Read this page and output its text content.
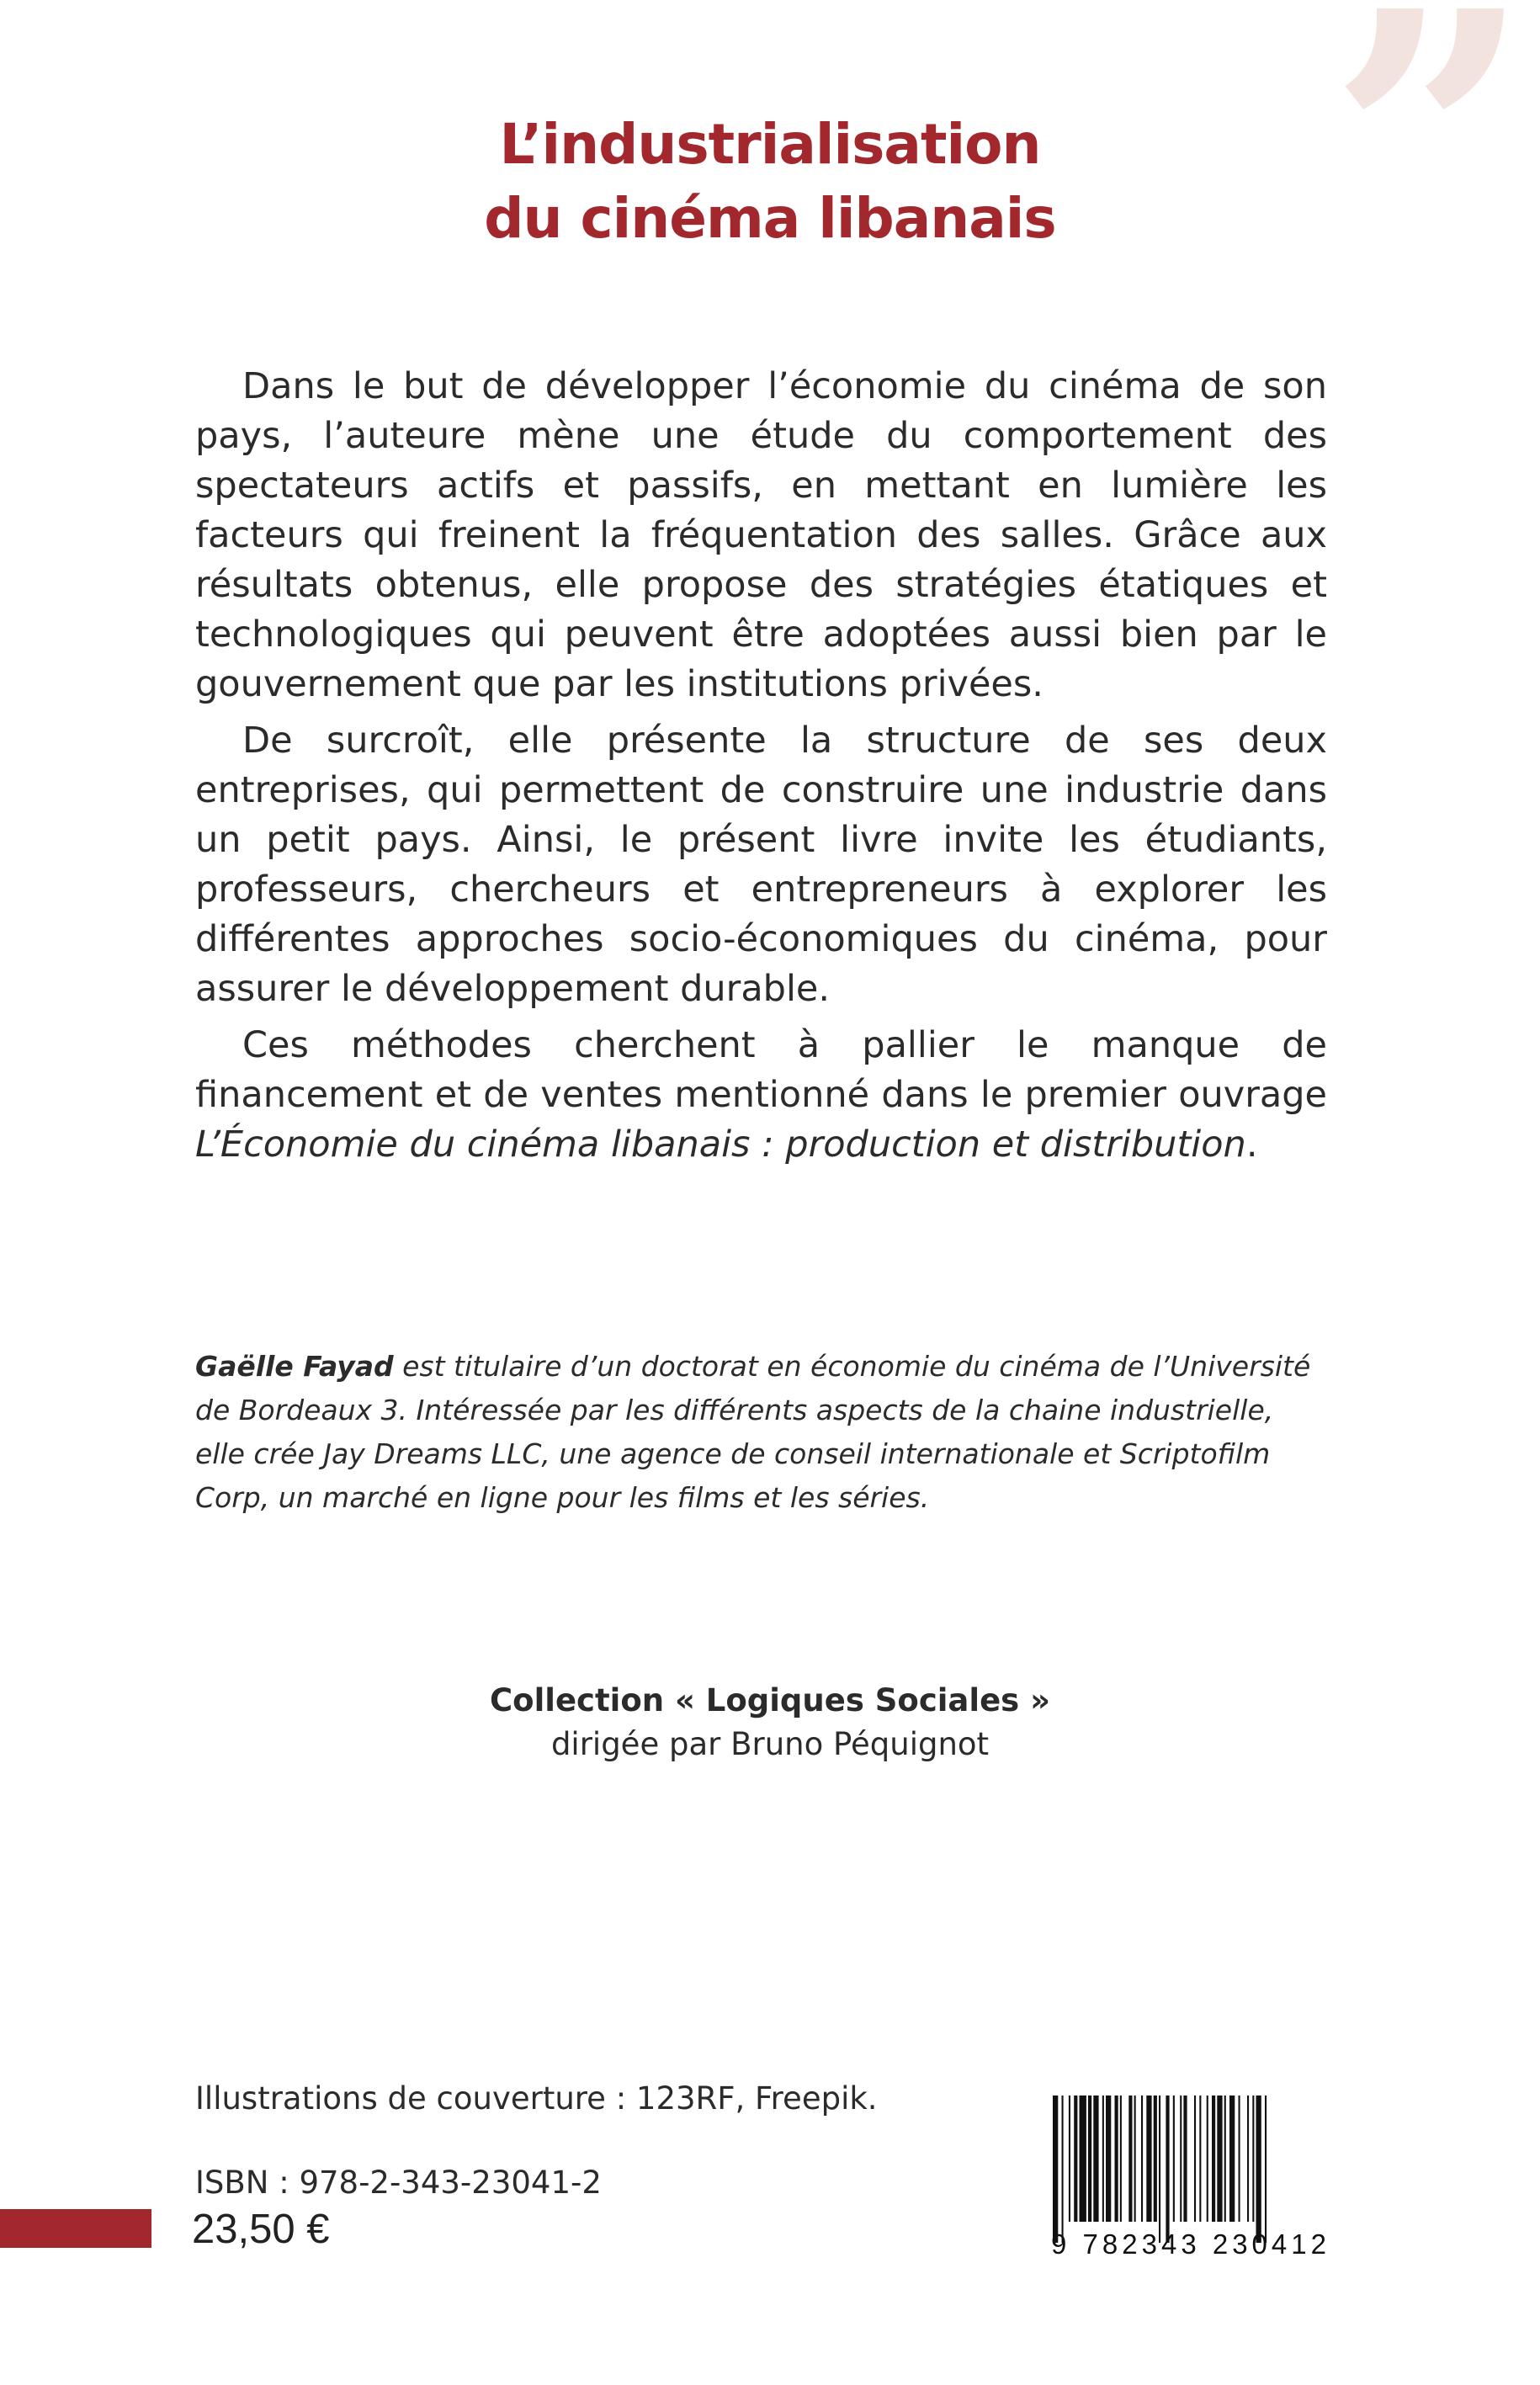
”
L’industrialisation
du cinéma libanais

Dans le but de développer l’économie du cinéma de son pays, l’auteure mène une étude du comportement des spectateurs actifs et passifs, en mettant en lumière les facteurs qui freinent la fréquentation des salles. Grâce aux résultats obtenus, elle propose des stratégies étatiques et technologiques qui peuvent être adoptées aussi bien par le gouvernement que par les institutions privées.

De surcroît, elle présente la structure de ses deux entreprises, qui permettent de construire une industrie dans un petit pays. Ainsi, le présent livre invite les étudiants, professeurs, chercheurs et entrepreneurs à explorer les différentes approches socio-économiques du cinéma, pour assurer le développement durable.

Ces méthodes cherchent à pallier le manque de financement et de ventes mentionné dans le premier ouvrage L’Économie du cinéma libanais : production et distribution.

Gaëlle Fayad est titulaire d’un doctorat en économie du cinéma de l’Université de Bordeaux 3. Intéressée par les différents aspects de la chaine industrielle, elle crée Jay Dreams LLC, une agence de conseil internationale et Scriptofilm Corp, un marché en ligne pour les films et les séries.
Collection « Logiques Sociales »
dirigée par Bruno Péquignot
Illustrations de couverture : 123RF, Freepik.
ISBN : 978-2-343-23041-2
23,50 €	9 782343 230412
